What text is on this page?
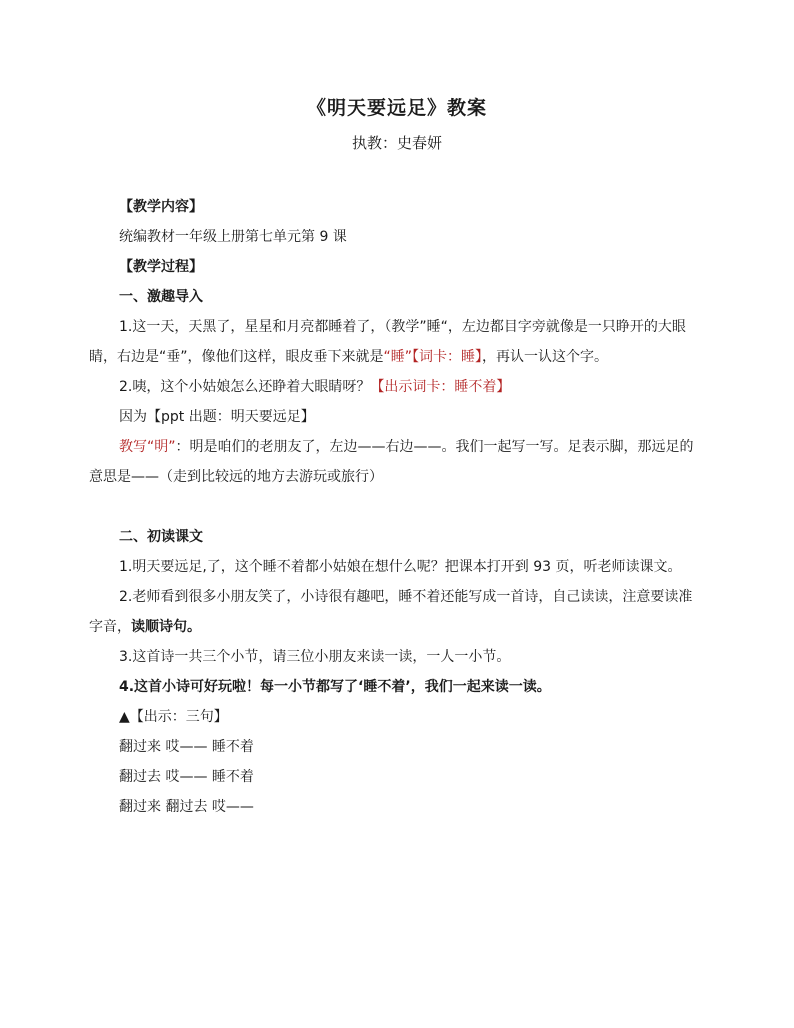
《明天要远足》教案
执教：史春妍
【教学内容】
统编教材一年级上册第七单元第 9 课
【教学过程】
一、激趣导入
1.这一天，天黑了，星星和月亮都睡着了，（教学”睡“，左边都目字旁就像是一只睁开的大眼睛，右边是“垂”，像他们这样，眼皮垂下来就是“睡”【词卡：睡】，再认一认这个字。
2.咦，这个小姑娘怎么还睁着大眼睛呀？【出示词卡：睡不着】
因为【ppt 出题：明天要远足】
教写“明”：明是咱们的老朋友了，左边——右边——。我们一起写一写。足表示脚，那远足的意思是——（走到比较远的地方去游玩或旅行）
二、初读课文
1.明天要远足,了，这个睡不着都小姑娘在想什么呢？把课本打开到 93 页，听老师读课文。
2.老师看到很多小朋友笑了，小诗很有趣吧，睡不着还能写成一首诗，自己读读，注意要读准字音，读顺诗句。
3.这首诗一共三个小节，请三位小朋友来读一读，一人一小节。
4.这首小诗可好玩啦！每一小节都写了‘睡不着’，我们一起来读一读。
▲【出示：三句】
翻过来 哎—— 睡不着
翻过去 哎—— 睡不着
翻过来 翻过去 哎——
